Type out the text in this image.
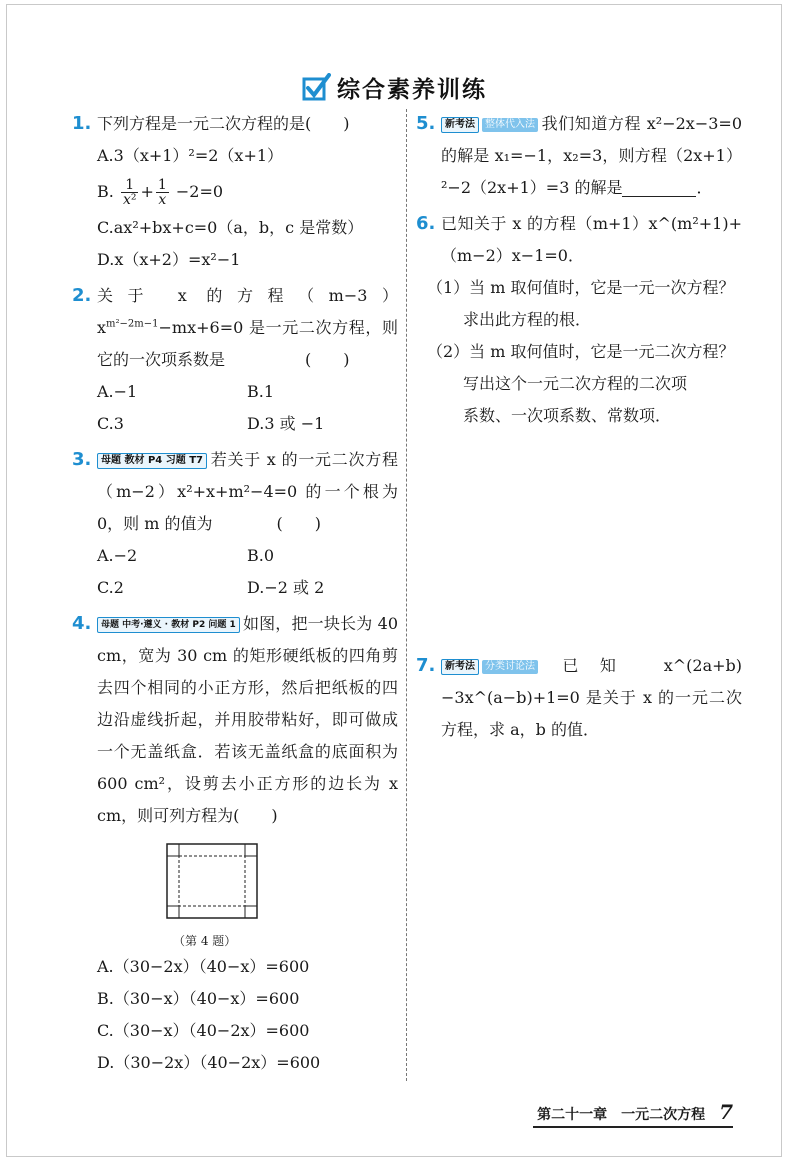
综合素养训练
1. 下列方程是一元二次方程的是(　　)
A.3（x+1）²=2（x+1）
B. $\frac{1}{\text{x²}} + \frac{1}{x} -2=0$
C.ax²+bx+c=0（a，b，c 是常数）
D.x（x+2）=x²−1
2. 关于 x 的方程$(m-3)x^{m^2-2m-1}-mx+6=0$ 是一元二次方程，则它的一次项系数是　　　　　(　　)
A.−1	B.1
C.3	D.3 或 −1
3. 母题 教材 P4 习题 T7 若关于 x 的一元二次方程（m−2）x²+x+m²−4=0 的一个根为 0，则 m 的值为　　　　(　　)
A.−2	B.0
C.2	D.−2 或 2
4.	母题 中考·遵义 · 教材 P2 问题 1 如图，把一块长为 40 cm，宽为 30 cm 的矩形硬纸板的四角剪去四个相同的小正方形，然后把纸板的四边沿虚线折起，并用胶带粘好，即可做成一个无盖纸盒．若该无盖纸盒的底面积为 600 cm²，设剪去小正方形的边长为 x cm，则可列方程为(　　)
（第 4 题）
A.（30−2x）（40−x）=600
B.（30−x）（40−x）=600
C.（30−x）（40−2x）=600
D.（30−2x）（40−2x）=600
5. 新考法 整体代入法 我们知道方程 x²−2x−3=0 的解是 x₁=−1，x₂=3，则方程（2x+1）²−2（2x+1）=3 的解是	．
6. 已知关于 x 的方程（m+1）x^(m²+1)+（m−2）x−1=0．
（1）当 m 取何值时，它是一元一次方程？
求出此方程的根．
（2）当 m 取何值时，它是一元二次方程？
写出这个一元二次方程的二次项
系数、一次项系数、常数项．
7. 新考法 分类讨论法 已知 x^(2a+b)−3x^(a−b)+1=0 是关于 x 的一元二次方程，求 a，b 的值．
第二十一章　一元二次方程 7
